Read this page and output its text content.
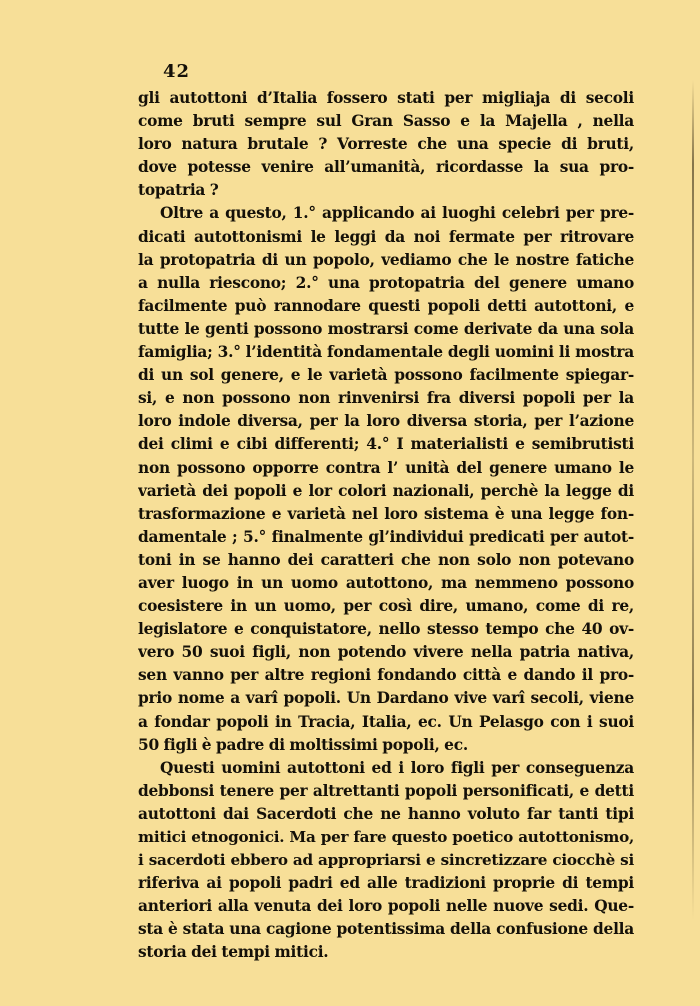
42
gli autottoni d’Italia fossero stati per migliaja di secoli
come bruti sempre sul Gran Sasso e la Majella , nella
loro natura brutale ? Vorreste che una specie di bruti,
dove potesse venire all’umanità, ricordasse la sua pro-
topatria ?
Oltre a questo, 1.° applicando ai luoghi celebri per pre-
dicati autottonismi le leggi da noi fermate per ritrovare
la protopatria di un popolo, vediamo che le nostre fatiche
a nulla riescono; 2.° una protopatria del genere umano
facilmente può rannodare questi popoli detti autottoni, e
tutte le genti possono mostrarsi come derivate da una sola
famiglia; 3.° l’identità fondamentale degli uomini li mostra
di un sol genere, e le varietà possono facilmente spiegar-
si, e non possono non rinvenirsi fra diversi popoli per la
loro indole diversa, per la loro diversa storia, per l’azione
dei climi e cibi differenti; 4.° I materialisti e semibrutisti
non possono opporre contra l’ unità del genere umano le
varietà dei popoli e lor colori nazionali, perchè la legge di
trasformazione e varietà nel loro sistema è una legge fon-
damentale ; 5.° finalmente gl’individui predicati per autot-
toni in se hanno dei caratteri che non solo non potevano
aver luogo in un uomo autottono, ma nemmeno possono
coesistere in un uomo, per così dire, umano, come di re,
legislatore e conquistatore, nello stesso tempo che 40 ov-
vero 50 suoi figli, non potendo vivere nella patria nativa,
sen vanno per altre regioni fondando città e dando il pro-
prio nome a varî popoli. Un Dardano vive varî secoli, viene
a fondar popoli in Tracia, Italia, ec. Un Pelasgo con i suoi
50 figli è padre di moltissimi popoli, ec.
Questi uomini autottoni ed i loro figli per conseguenza
debbonsi tenere per altrettanti popoli personificati, e detti
autottoni dai Sacerdoti che ne hanno voluto far tanti tipi
mitici etnogonici. Ma per fare questo poetico autottonismo,
i sacerdoti ebbero ad appropriarsi e sincretizzare ciocchè si
riferiva ai popoli padri ed alle tradizioni proprie di tempi
anteriori alla venuta dei loro popoli nelle nuove sedi. Que-
sta è stata una cagione potentissima della confusione della
storia dei tempi mitici.
